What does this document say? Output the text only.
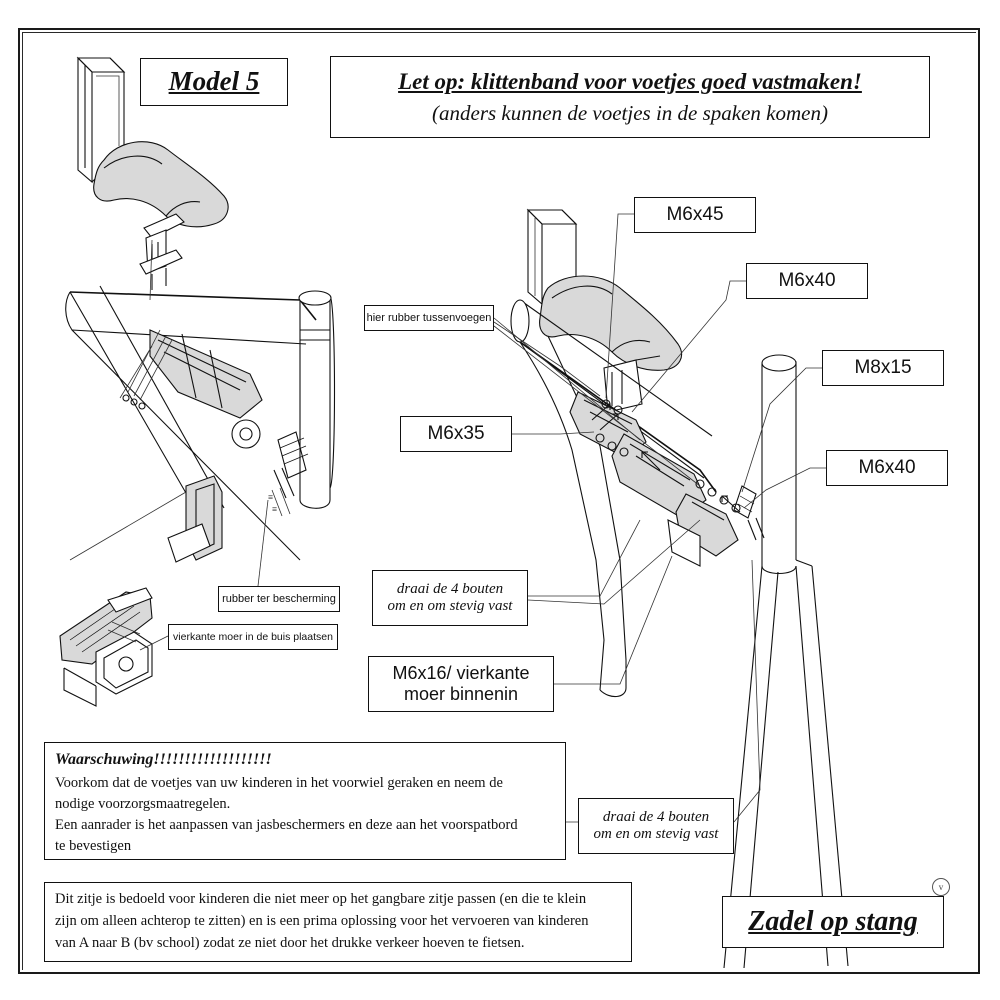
≡
≡
Model 5	Let op: klittenband voor voetjes goed vastmaken!
(anders kunnen de voetjes in de spaken komen)
M6x45
M6x40
M8x15
M6x40
M6x35
hier rubber tussenvoegen
rubber ter bescherming
vierkante moer in de buis plaatsen
draai de 4 bouten
om en om stevig vast
draai de 4 bouten
om en om stevig vast
M6x16/ vierkante
moer binnenin
Waarschuwing!!!!!!!!!!!!!!!!!!!
Voorkom dat de voetjes van uw kinderen in het voorwiel geraken en neem de
nodige voorzorgsmaatregelen.
Een aanrader is het aanpassen van jasbeschermers en deze aan het voorspatbord
te bevestigen
Dit zitje is bedoeld voor kinderen die niet meer op het gangbare zitje passen (en die te klein
zijn om alleen achterop te zitten) en is een prima oplossing voor het vervoeren van kinderen
van A naar B (bv school) zodat ze niet door het drukke verkeer hoeven te fietsen.
Zadel op stang
v
